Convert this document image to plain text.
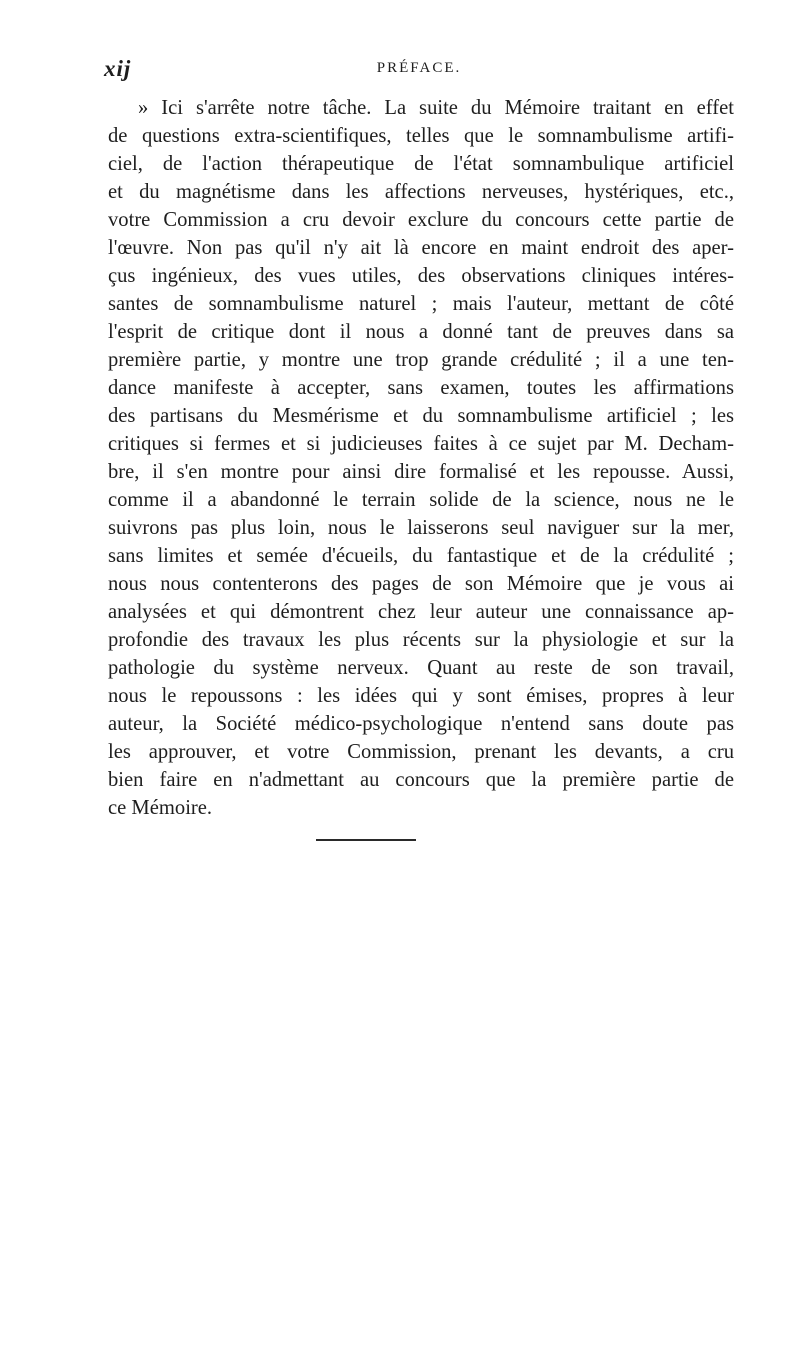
xij	PRÉFACE.
» Ici s'arrête notre tâche. La suite du Mémoire traitant en effet
de questions extra-scientifiques, telles que le somnambulisme artifi-
ciel, de l'action thérapeutique de l'état somnambulique artificiel
et du magnétisme dans les affections nerveuses, hystériques, etc.,
votre Commission a cru devoir exclure du concours cette partie de
l'œuvre. Non pas qu'il n'y ait là encore en maint endroit des aper-
çus ingénieux, des vues utiles, des observations cliniques intéres-
santes de somnambulisme naturel ; mais l'auteur, mettant de côté
l'esprit de critique dont il nous a donné tant de preuves dans sa
première partie, y montre une trop grande crédulité ; il a une ten-
dance manifeste à accepter, sans examen, toutes les affirmations
des partisans du Mesmérisme et du somnambulisme artificiel ; les
critiques si fermes et si judicieuses faites à ce sujet par M. Decham-
bre, il s'en montre pour ainsi dire formalisé et les repousse. Aussi,
comme il a abandonné le terrain solide de la science, nous ne le
suivrons pas plus loin, nous le laisserons seul naviguer sur la mer,
sans limites et semée d'écueils, du fantastique et de la crédulité ;
nous nous contenterons des pages de son Mémoire que je vous ai
analysées et qui démontrent chez leur auteur une connaissance ap-
profondie des travaux les plus récents sur la physiologie et sur la
pathologie du système nerveux. Quant au reste de son travail,
nous le repoussons : les idées qui y sont émises, propres à leur
auteur, la Société médico-psychologique n'entend sans doute pas
les approuver, et votre Commission, prenant les devants, a cru
bien faire en n'admettant au concours que la première partie de
ce Mémoire.
